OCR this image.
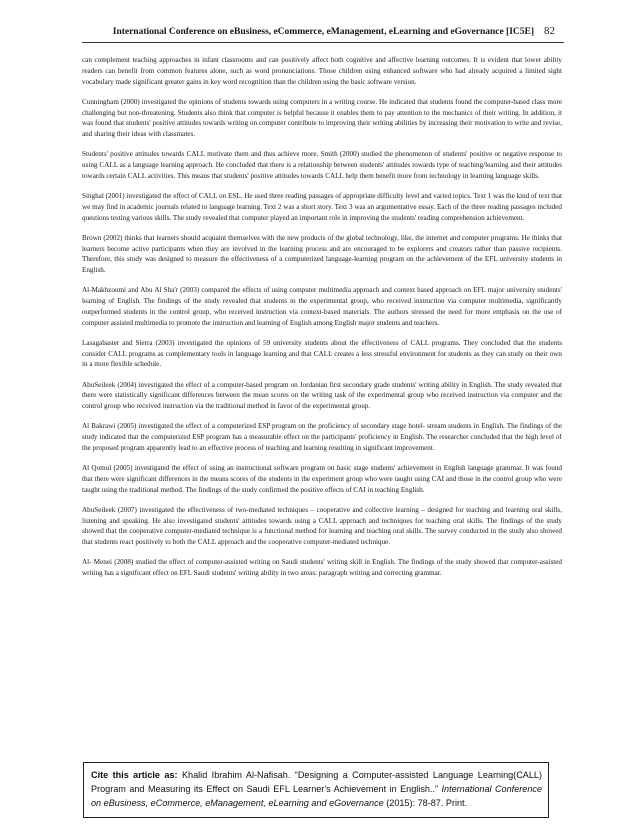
International Conference on eBusiness, eCommerce, eManagement, eLearning and eGovernance [IC5E] 82

can complement teaching approaches in infant classrooms and can positively affect both cognitive and affective learning outcomes. It is evident that lower ability readers can benefit from common features alone, such as word pronunciations. Those children using enhanced software who had already acquired a limited sight vocabulary made significant greater gains in key word recognition than the children using the basic software version.

Cunningham (2000) investigated the opinions of students towards using computers in a writing course. He indicated that students found the computer-based class more challenging but non-threatening. Students also think that computer is helpful because it enables them to pay attention to the mechanics of their writing. In addition, it was found that students' positive attitudes towards writing on computer contribute to improving their writing abilities by increasing their motivation to write and revise, and sharing their ideas with classmates.

Students' positive attitudes towards CALL motivate them and thus achieve more. Smith (2000) studied the phenomenon of students' positive or negative response to using CALL as a language learning approach. He concluded that there is a relationship between students' attitudes towards type of teaching/learning and their attitudes towards certain CALL activities. This means that students' positive attitudes towards CALL help them benefit more from technology in learning language skills.

Singhal (2001) investigated the effect of CALL on ESL. He used three reading passages of appropriate difficulty level and varied topics. Text 1 was the kind of text that we may find in academic journals related to language learning. Text 2 was a short story. Text 3 was an argumentative essay. Each of the three reading passages included questions testing various skills. The study revealed that computer played an important role in improving the students' reading comprehension achievement.

Brown (2002) thinks that learners should acquaint themselves with the new products of the global technology, like, the internet and computer programs. He thinks that learners become active participants when they are involved in the learning process and are encouraged to be explorers and creators rather than passive recipients. Therefore, this study was designed to measure the effectiveness of a computerized language-learning program on the achievement of the EFL university students in English.

Al-Makhzoumi and Abu Al Sha'r (2003) compared the effects of using computer multimedia approach and context based approach on EFL major university students' learning of English. The findings of the study revealed that students in the experimental group, who received instruction via computer multimedia, significantly outperformed students in the control group, who received instruction via context-based materials. The authors stressed the need for more emphasis on the use of computer assisted multimedia to promote the instruction and learning of English among English major students and teachers.

Lasagabaster and Sierra (2003) investigated the opinions of 59 university students about the effectiveness of CALL programs. They concluded that the students consider CALL programs as complementary tools in language learning and that CALL creates a less stressful environment for students as they can study on their own in a more flexible schedule.

AbuSeileek (2004) investigated the effect of a computer-based program on Jordanian first secondary grade students' writing ability in English. The study revealed that there were statistically significant differences between the mean scores on the writing task of the experimental group who received instruction via computer and the control group who received instruction via the traditional method in favor of the experimental group.

Al Bakrawi (2005) investigated the effect of a computerized ESP program on the proficiency of secondary stage hotel- stream students in English. The findings of the study indicated that the computerized ESP program has a measurable effect on the participants' proficiency in English. The researcher concluded that the high level of the proposed program apparently lead to an effective process of teaching and learning resulting in significant improvement.

Al Qomul (2005) investigated the effect of using an instructional software program on basic stage students' achievement in English language grammar. It was found that there were significant differences in the means scores of the students in the experiment group who were taught using CAI and those in the control group who were taught using the traditional method. The findings of the study confirmed the positive effects of CAI in teaching English.

AbuSeileek (2007) investigated the effectiveness of two-mediated techniques – cooperative and collective learning – designed for teaching and learning oral skills, listening and speaking. He also investigated students' attitudes towards using a CALL approach and techniques for teaching oral skills. The findings of the study showed that the cooperative computer-mediated technique is a functional method for learning and teaching oral skills. The survey conducted in the study also showed that students react positively to both the CALL approach and the cooperative computer-mediated technique.

Al- Menei (2008) studied the effect of computer-assisted writing on Saudi students' writing skill in English. The findings of the study showed that computer-assisted writing has a significant effect on EFL Saudi students' writing ability in two areas: paragraph writing and correcting grammar.

Cite this article as: Khalid Ibrahim Al-Nafisah. “Designing a Computer-assisted Language Learning(CALL) Program and Measuring its Effect on Saudi EFL Learner's Achievement in English..” International Conference on eBusiness, eCommerce, eManagement, eLearning and eGovernance (2015): 78-87. Print.
